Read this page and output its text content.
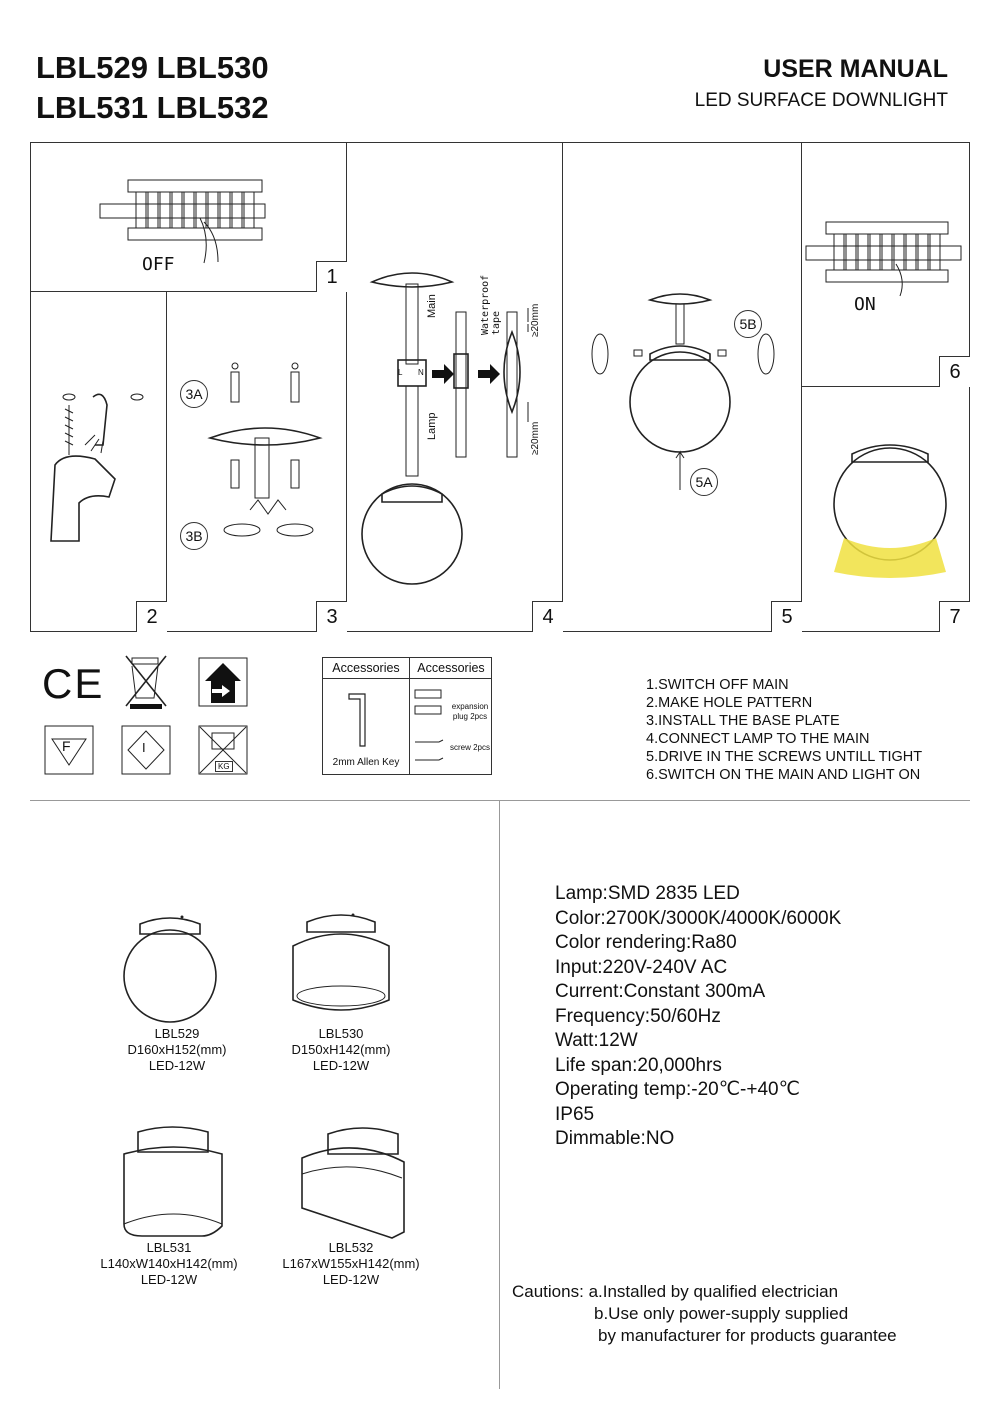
LBL529 LBL530
LBL531 LBL532
USER MANUAL
LED SURFACE DOWNLIGHT
1
2	3	4	5
6
7
OFF
3A
3B
Main
Lamp
Waterproof tape	≥20mm
≥20mm
L N
5B
5A
ON
CE
F	I
KG
Accessories	Accessories
2mm Allen Key
expansion
plug 2pcs
screw 2pcs
1.SWITCH OFF MAIN
2.MAKE HOLE PATTERN
3.INSTALL THE BASE PLATE
4.CONNECT LAMP TO THE MAIN
5.DRIVE IN THE SCREWS UNTILL TIGHT
6.SWITCH ON THE MAIN AND LIGHT ON
LBL529
D160xH152(mm)
LED-12W
LBL530
D150xH142(mm)
LED-12W
LBL531
L140xW140xH142(mm)
LED-12W
LBL532
L167xW155xH142(mm)
LED-12W
Lamp:SMD 2835 LED
Color:2700K/3000K/4000K/6000K
Color rendering:Ra80
Input:220V-240V AC
Current:Constant 300mA
Frequency:50/60Hz
Watt:12W
Life span:20,000hrs
Operating temp:-20℃-+40℃
IP65
Dimmable:NO
Cautions: a.Installed by qualified electrician
b.Use only power-supply supplied
by manufacturer for products guarantee
